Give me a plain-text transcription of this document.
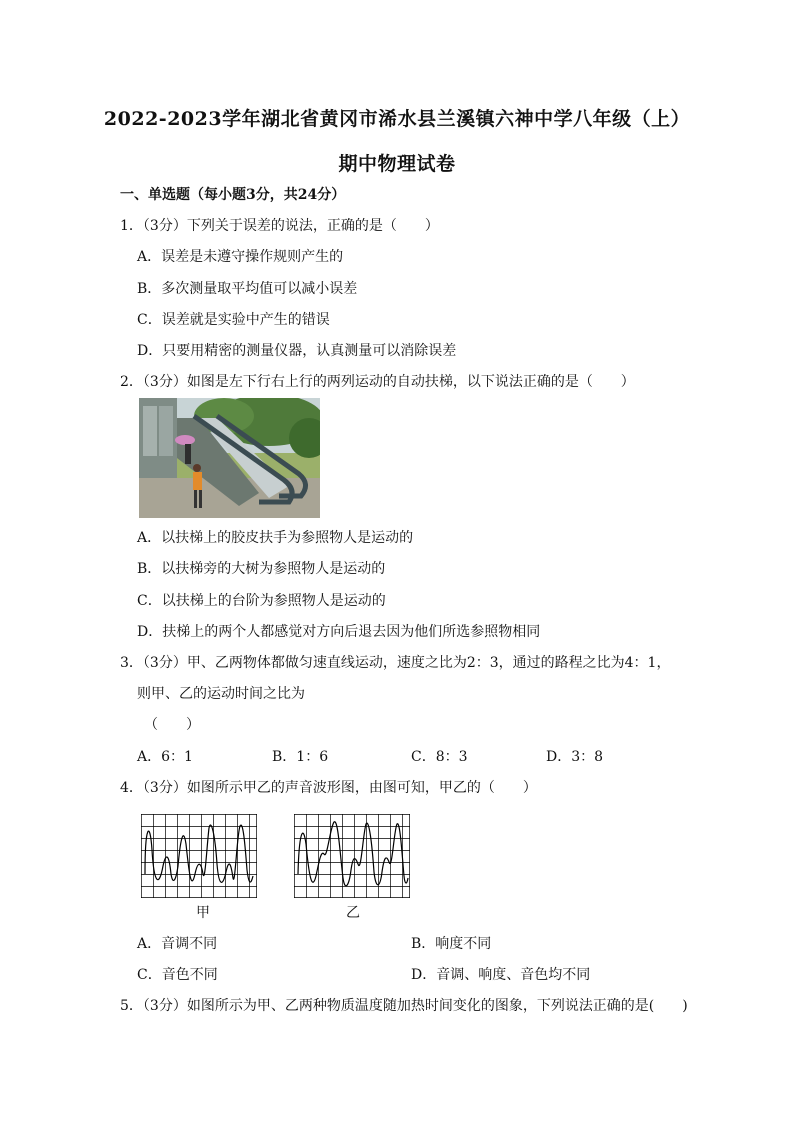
2022-2023学年湖北省黄冈市浠水县兰溪镇六神中学八年级（上）
期中物理试卷
一、单选题（每小题3分，共24分）
1．（3分）下列关于误差的说法，正确的是（　　）
A．误差是未遵守操作规则产生的
B．多次测量取平均值可以减小误差
C．误差就是实验中产生的错误
D．只要用精密的测量仪器，认真测量可以消除误差
2．（3分）如图是左下行右上行的两列运动的自动扶梯，以下说法正确的是（　　）
A．以扶梯上的胶皮扶手为参照物人是运动的
B．以扶梯旁的大树为参照物人是运动的
C．以扶梯上的台阶为参照物人是运动的
D．扶梯上的两个人都感觉对方向后退去因为他们所选参照物相同
3．（3分）甲、乙两物体都做匀速直线运动，速度之比为2：3，通过的路程之比为4：1，
则甲、乙的运动时间之比为
（　　）
A．6：1	B．1：6	C．8：3	D．3：8
4．（3分）如图所示甲乙的声音波形图，由图可知，甲乙的（　　）
甲	乙
A．音调不同	B．响度不同
C．音色不同	D．音调、响度、音色均不同
5．（3分）如图所示为甲、乙两种物质温度随加热时间变化的图象，下列说法正确的是(　　)
